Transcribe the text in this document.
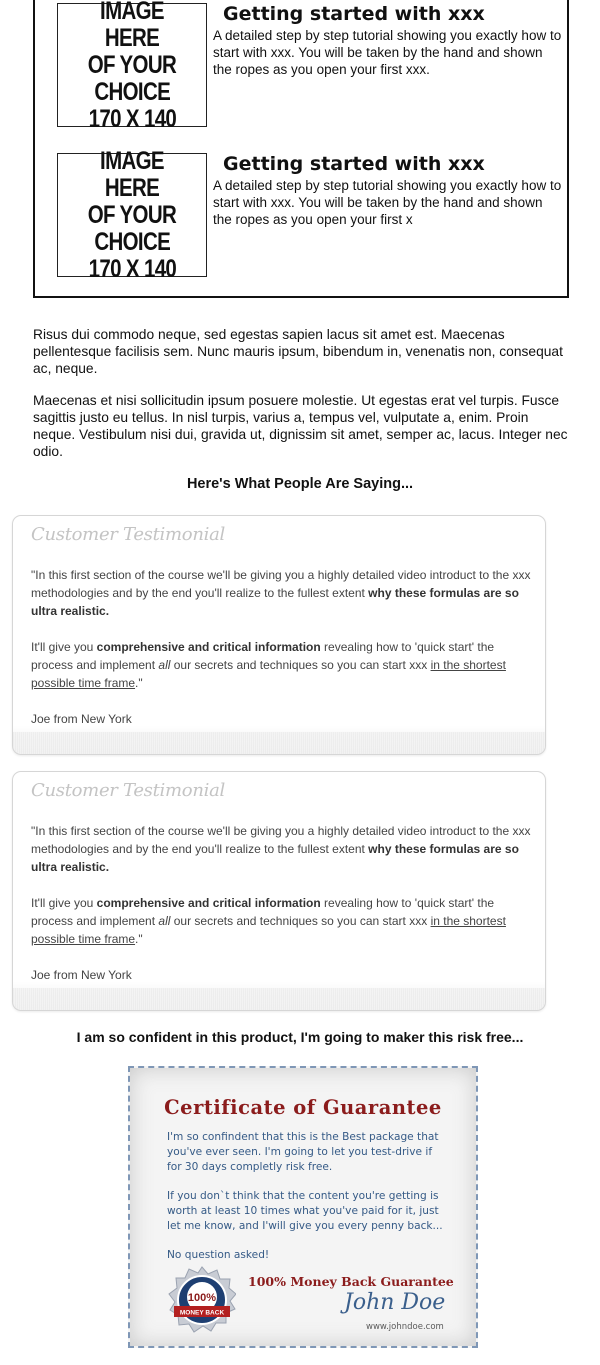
IMAGE HERE
OF YOUR
CHOICE
170 X 140
Getting started with xxx
A detailed step by step tutorial showing you exactly how to start with xxx. You will be taken by the hand and shown the ropes as you open your first xxx.
IMAGE HERE
OF YOUR
CHOICE
170 X 140
Getting started with xxx
A detailed step by step tutorial showing you exactly how to start with xxx. You will be taken by the hand and shown the ropes as you open your first x

Risus dui commodo neque, sed egestas sapien lacus sit amet est. Maecenas pellentesque facilisis sem. Nunc mauris ipsum, bibendum in, venenatis non, consequat ac, neque.

Maecenas et nisi sollicitudin ipsum posuere molestie. Ut egestas erat vel turpis. Fusce sagittis justo eu tellus. In nisl turpis, varius a, tempus vel, vulputate a, enim. Proin neque. Vestibulum nisi dui, gravida ut, dignissim sit amet, semper ac, lacus. Integer nec odio.

Here's What People Are Saying...
Customer Testimonial

"In this first section of the course we'll be giving you a highly detailed video introduct to the xxx methodologies and by the end you'll realize to the fullest extent why these formulas are so ultra realistic.

It'll give you comprehensive and critical information revealing how to 'quick start' the process and implement all our secrets and techniques so you can start xxx in the shortest possible time frame."

Joe from New York

Customer Testimonial

"In this first section of the course we'll be giving you a highly detailed video introduct to the xxx methodologies and by the end you'll realize to the fullest extent why these formulas are so ultra realistic.

It'll give you comprehensive and critical information revealing how to 'quick start' the process and implement all our secrets and techniques so you can start xxx in the shortest possible time frame."

Joe from New York

I am so confident in this product, I'm going to maker this risk free...
Certificate of Guarantee

I'm so confindent that this is the Best package that you've ever seen. I'm going to let you test-drive if for 30 days completly risk free.

If you don`t think that the content you're getting is worth at least 10 times what you've paid for it, just let me know, and I'will give you every penny back...

No question asked!

100%
MONEY BACK
100% Money Back Guarantee
John Doe
www.johndoe.com
